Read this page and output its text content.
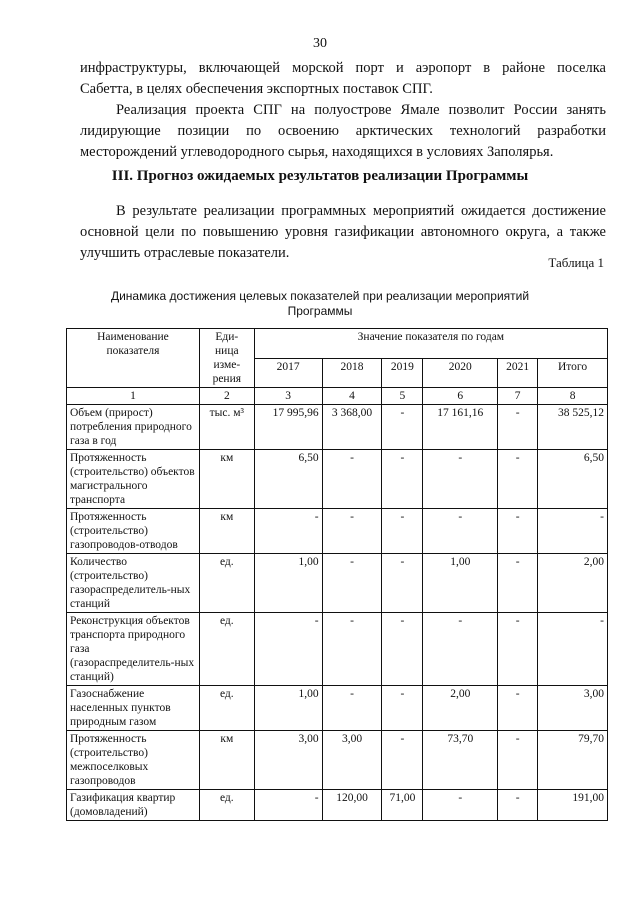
30
инфраструктуры, включающей морской порт и аэропорт в районе поселка
Сабетта, в целях обеспечения экспортных поставок СПГ.
Реализация проекта СПГ на полуострове Ямале позволит России занять
лидирующие позиции по освоению арктических технологий разработки
месторождений углеводородного сырья, находящихся в условиях Заполярья.
III. Прогноз ожидаемых результатов реализации Программы
В результате реализации программных мероприятий ожидается достижение
основной цели по повышению уровня газификации автономного округа, а также
улучшить отраслевые показатели.
Таблица 1
Динамика достижения целевых показателей при реализации мероприятий
Программы
Наименование показателя	Еди- ница изме- рения	Значение показателя по годам					
		2017	2018	2019	2020	2021	Итого
1	2	3	4	5	6	7	8
Объем (прирост) потребления природного газа в год	тыс. м³	17 995,96	3 368,00	-	17 161,16	-	38 525,12
Протяженность (строительство) объектов магистрального транспорта	км	6,50	-	-	-	-	6,50
Протяженность (строительство) газопроводов-отводов	км	-	-	-	-	-	-
Количество (строительство) газораспределитель-ных станций	ед.	1,00	-	-	1,00	-	2,00
Реконструкция объектов транспорта природного газа (газораспределитель-ных станций)	ед.	-	-	-	-	-	-
Газоснабжение населенных пунктов природным газом	ед.	1,00	-	-	2,00	-	3,00
Протяженность (строительство) межпоселковых газопроводов	км	3,00	3,00	-	73,70	-	79,70
Газификация квартир (домовладений)	ед.	-	120,00	71,00	-	-	191,00
